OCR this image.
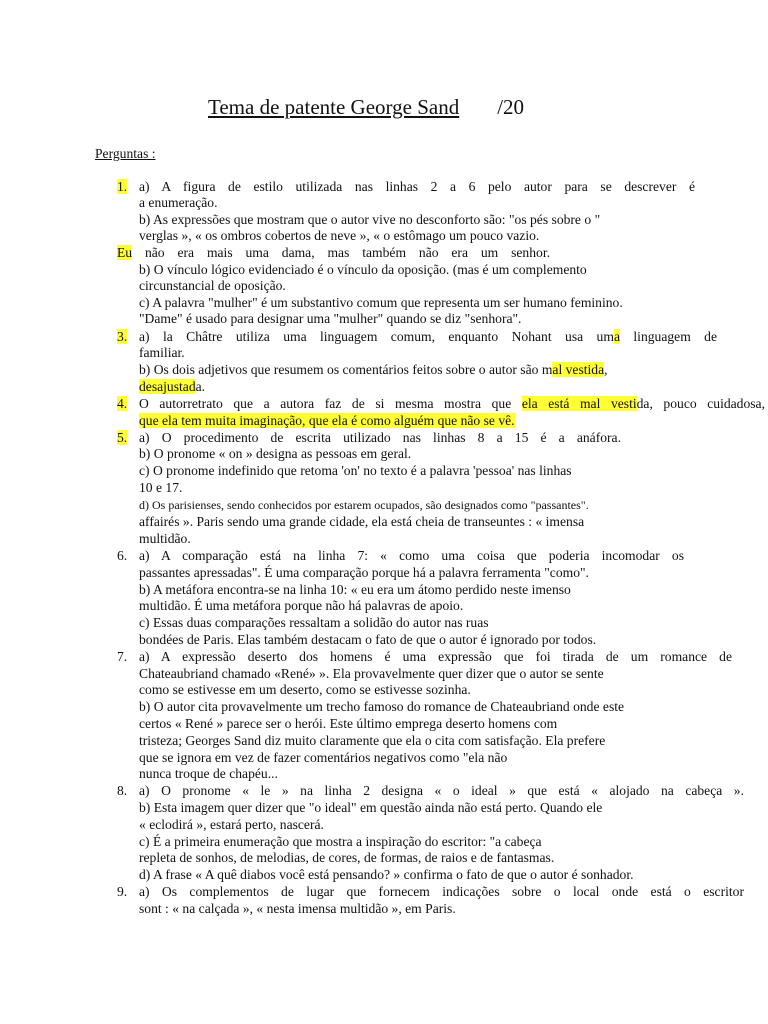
Tema de patente George Sand /20
Perguntas :
1. a) A figura de estilo utilizada nas linhas 2 a 6 pelo autor para se descrever é
a enumeração.
b) As expressões que mostram que o autor vive no desconforto são: "os pés sobre o "
verglas », « os ombros cobertos de neve », « o estômago um pouco vazio.
Eu não era mais uma dama, mas também não era um senhor.
b) O vínculo lógico evidenciado é o vínculo da oposição. (mas é um complemento
circunstancial de oposição.
c) A palavra "mulher" é um substantivo comum que representa um ser humano feminino.
"Dame" é usado para designar uma "mulher" quando se diz "senhora".
3. a) la Châtre utiliza uma linguagem comum, enquanto Nohant usa uma linguagem de
familiar.
b) Os dois adjetivos que resumem os comentários feitos sobre o autor são mal vestida,
desajustada.
4. O autorretrato que a autora faz de si mesma mostra que ela está mal vestida, pouco cuidadosa,
que ela tem muita imaginação, que ela é como alguém que não se vê.
5. a) O procedimento de escrita utilizado nas linhas 8 a 15 é a anáfora.
b) O pronome « on » designa as pessoas em geral.
c) O pronome indefinido que retoma 'on' no texto é a palavra 'pessoa' nas linhas
10 e 17.
d) Os parisienses, sendo conhecidos por estarem ocupados, são designados como "passantes".
affairés ». Paris sendo uma grande cidade, ela está cheia de transeuntes : « imensa
multidão.
6. a) A comparação está na linha 7: « como uma coisa que poderia incomodar os
passantes apressadas". É uma comparação porque há a palavra ferramenta "como".
b) A metáfora encontra-se na linha 10: « eu era um átomo perdido neste imenso
multidão. É uma metáfora porque não há palavras de apoio.
c) Essas duas comparações ressaltam a solidão do autor nas ruas
bondées de Paris. Elas também destacam o fato de que o autor é ignorado por todos.
7. a) A expressão deserto dos homens é uma expressão que foi tirada de um romance de
Chateaubriand chamado «René» ». Ela provavelmente quer dizer que o autor se sente
como se estivesse em um deserto, como se estivesse sozinha.
b) O autor cita provavelmente um trecho famoso do romance de Chateaubriand onde este
certos « René » parece ser o herói. Este último emprega deserto homens com
tristeza; Georges Sand diz muito claramente que ela o cita com satisfação. Ela prefere
que se ignora em vez de fazer comentários negativos como "ela não
nunca troque de chapéu...
8. a) O pronome « le » na linha 2 designa « o ideal » que está « alojado na cabeça ».
b) Esta imagem quer dizer que "o ideal" em questão ainda não está perto. Quando ele
« eclodirá », estará perto, nascerá.
c) É a primeira enumeração que mostra a inspiração do escritor: "a cabeça
repleta de sonhos, de melodias, de cores, de formas, de raios e de fantasmas.
d) A frase « A quê diabos você está pensando? » confirma o fato de que o autor é sonhador.
9. a) Os complementos de lugar que fornecem indicações sobre o local onde está o escritor
sont : « na calçada », « nesta imensa multidão », em Paris.
